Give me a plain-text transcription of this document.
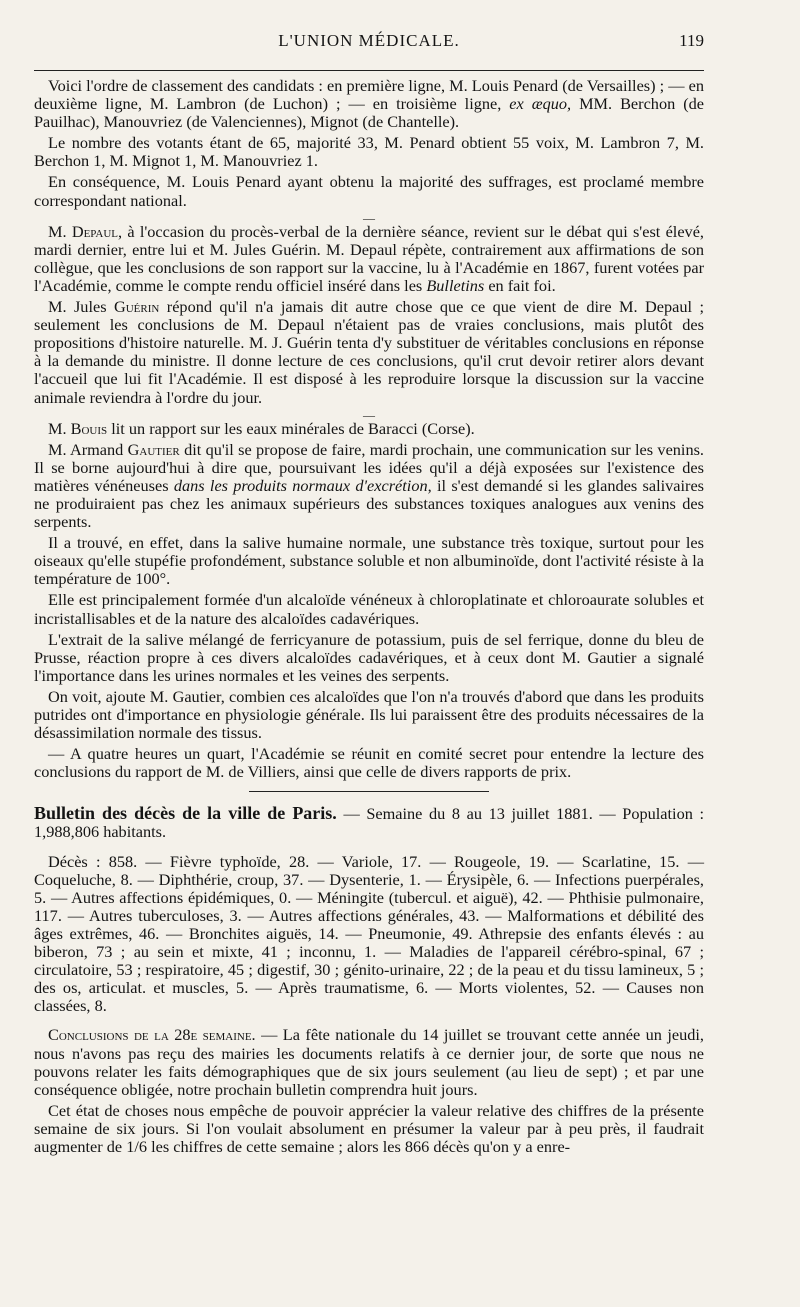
L'UNION MÉDICALE.	119

Voici l'ordre de classement des candidats : en première ligne, M. Louis Penard (de Versailles) ; — en deuxième ligne, M. Lambron (de Luchon) ; — en troisième ligne, ex æquo, MM. Berchon (de Pauilhac), Manouvriez (de Valenciennes), Mignot (de Chantelle).

Le nombre des votants étant de 65, majorité 33, M. Penard obtient 55 voix, M. Lambron 7, M. Berchon 1, M. Mignot 1, M. Manouvriez 1.

En conséquence, M. Louis Penard ayant obtenu la majorité des suffrages, est proclamé membre correspondant national.

—

M. Depaul, à l'occasion du procès-verbal de la dernière séance, revient sur le débat qui s'est élevé, mardi dernier, entre lui et M. Jules Guérin. M. Depaul répète, contrairement aux affirmations de son collègue, que les conclusions de son rapport sur la vaccine, lu à l'Académie en 1867, furent votées par l'Académie, comme le compte rendu officiel inséré dans les Bulletins en fait foi.

M. Jules Guérin répond qu'il n'a jamais dit autre chose que ce que vient de dire M. Depaul ; seulement les conclusions de M. Depaul n'étaient pas de vraies conclusions, mais plutôt des propositions d'histoire naturelle. M. J. Guérin tenta d'y substituer de véritables conclusions en réponse à la demande du ministre. Il donne lecture de ces conclusions, qu'il crut devoir retirer alors devant l'accueil que lui fit l'Académie. Il est disposé à les reproduire lorsque la discussion sur la vaccine animale reviendra à l'ordre du jour.

—

M. Bouis lit un rapport sur les eaux minérales de Baracci (Corse).

M. Armand Gautier dit qu'il se propose de faire, mardi prochain, une communication sur les venins. Il se borne aujourd'hui à dire que, poursuivant les idées qu'il a déjà exposées sur l'existence des matières vénéneuses dans les produits normaux d'excrétion, il s'est demandé si les glandes salivaires ne produiraient pas chez les animaux supérieurs des substances toxiques analogues aux venins des serpents.

Il a trouvé, en effet, dans la salive humaine normale, une substance très toxique, surtout pour les oiseaux qu'elle stupéfie profondément, substance soluble et non albuminoïde, dont l'activité résiste à la température de 100°.

Elle est principalement formée d'un alcaloïde vénéneux à chloroplatinate et chloroaurate solubles et incristallisables et de la nature des alcaloïdes cadavériques.

L'extrait de la salive mélangé de ferricyanure de potassium, puis de sel ferrique, donne du bleu de Prusse, réaction propre à ces divers alcaloïdes cadavériques, et à ceux dont M. Gautier a signalé l'importance dans les urines normales et les veines des serpents.

On voit, ajoute M. Gautier, combien ces alcaloïdes que l'on n'a trouvés d'abord que dans les produits putrides ont d'importance en physiologie générale. Ils lui paraissent être des produits nécessaires de la désassimilation normale des tissus.

— A quatre heures un quart, l'Académie se réunit en comité secret pour entendre la lecture des conclusions du rapport de M. de Villiers, ainsi que celle de divers rapports de prix.

Bulletin des décès de la ville de Paris. — Semaine du 8 au 13 juillet 1881. — Population : 1,988,806 habitants.

Décès : 858. — Fièvre typhoïde, 28. — Variole, 17. — Rougeole, 19. — Scarlatine, 15. — Coqueluche, 8. — Diphthérie, croup, 37. — Dysenterie, 1. — Érysipèle, 6. — Infections puerpérales, 5. — Autres affections épidémiques, 0. — Méningite (tubercul. et aiguë), 42. — Phthisie pulmonaire, 117. — Autres tuberculoses, 3. — Autres affections générales, 43. — Malformations et débilité des âges extrêmes, 46. — Bronchites aiguës, 14. — Pneumonie, 49. Athrepsie des enfants élevés : au biberon, 73 ; au sein et mixte, 41 ; inconnu, 1. — Maladies de l'appareil cérébro-spinal, 67 ; circulatoire, 53 ; respiratoire, 45 ; digestif, 30 ; génito-urinaire, 22 ; de la peau et du tissu lamineux, 5 ; des os, articulat. et muscles, 5. — Après traumatisme, 6. — Morts violentes, 52. — Causes non classées, 8.

Conclusions de la 28e semaine. — La fête nationale du 14 juillet se trouvant cette année un jeudi, nous n'avons pas reçu des mairies les documents relatifs à ce dernier jour, de sorte que nous ne pouvons relater les faits démographiques que de six jours seulement (au lieu de sept) ; et par une conséquence obligée, notre prochain bulletin comprendra huit jours.

Cet état de choses nous empêche de pouvoir apprécier la valeur relative des chiffres de la présente semaine de six jours. Si l'on voulait absolument en présumer la valeur par à peu près, il faudrait augmenter de 1/6 les chiffres de cette semaine ; alors les 866 décès qu'on y a enre-
